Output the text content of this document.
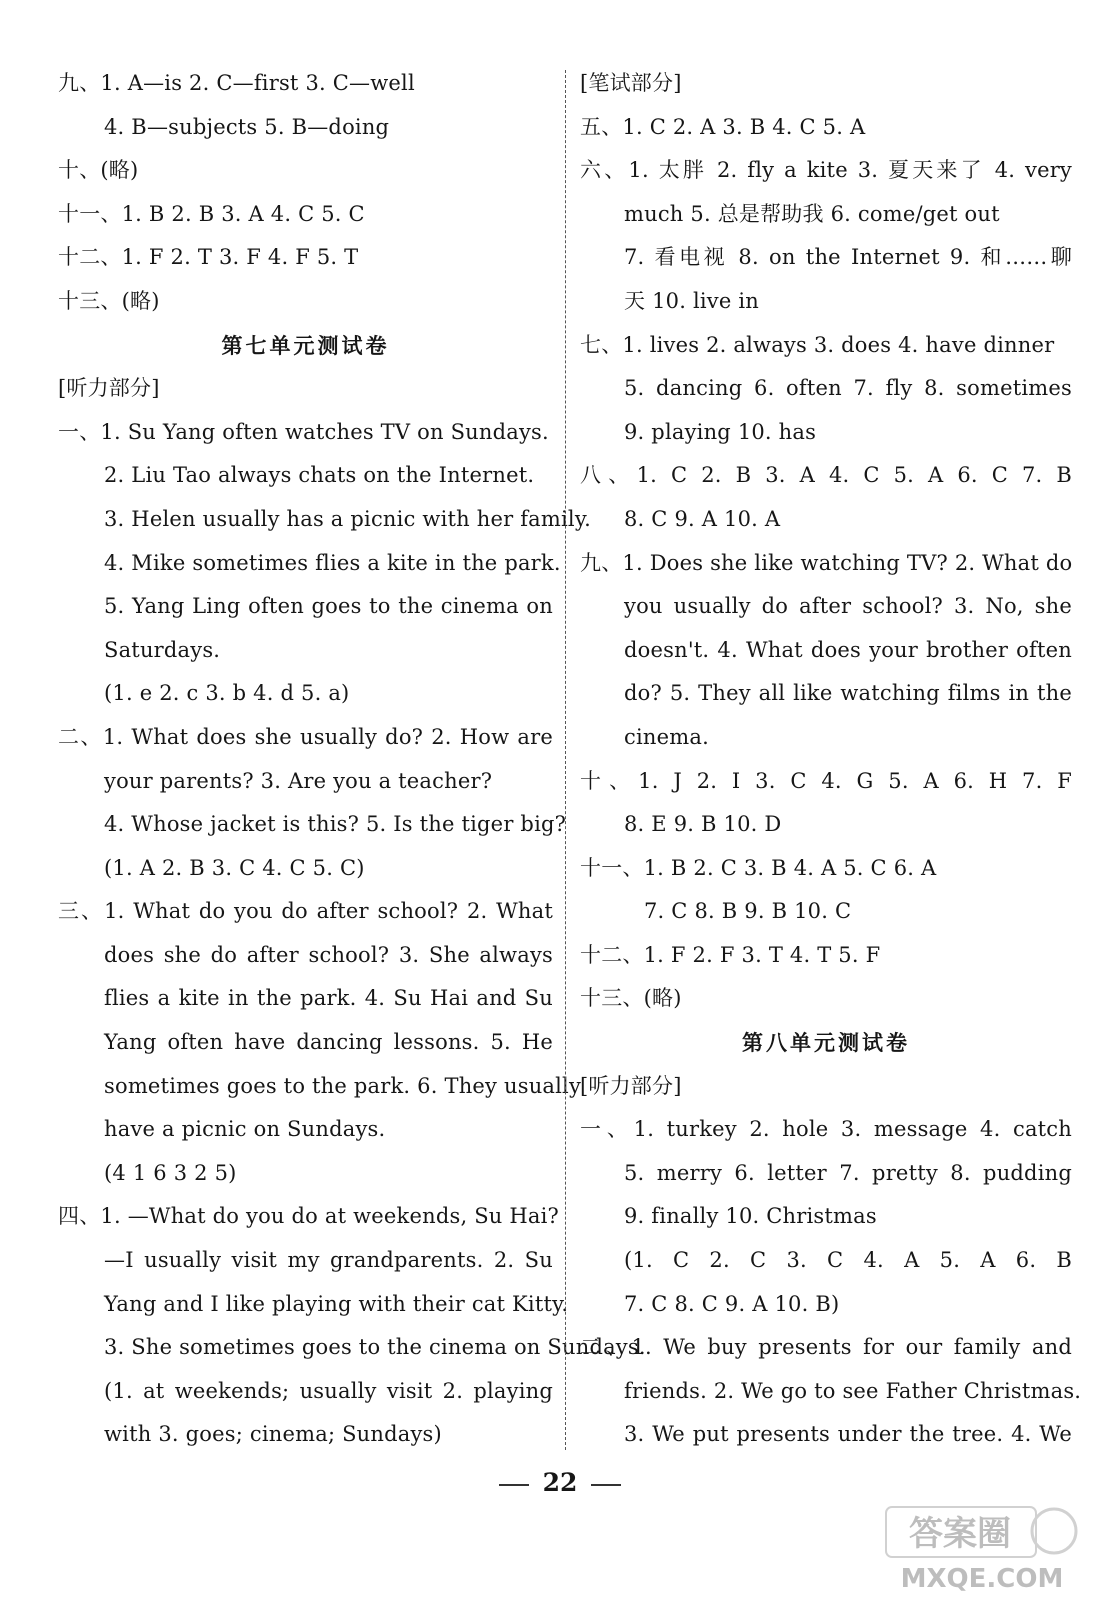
九、1. A—is 2. C—first 3. C—well
4. B—subjects 5. B—doing
十、(略)
十一、1. B 2. B 3. A 4. C 5. C
十二、1. F 2. T 3. F 4. F 5. T
十三、(略)
第七单元测试卷
[听力部分]
一、1. Su Yang often watches TV on Sundays.
2. Liu Tao always chats on the Internet.
3. Helen usually has a picnic with her family.
4. Mike sometimes flies a kite in the park.
5. Yang Ling often goes to the cinema on
Saturdays.
(1. e 2. c 3. b 4. d 5. a)
二、1. What does she usually do? 2. How are
your parents? 3. Are you a teacher?
4. Whose jacket is this? 5. Is the tiger big?
(1. A 2. B 3. C 4. C 5. C)
三、1. What do you do after school? 2. What
does she do after school? 3. She always
flies a kite in the park. 4. Su Hai and Su
Yang often have dancing lessons. 5. He
sometimes goes to the park. 6. They usually
have a picnic on Sundays.
(4 1 6 3 2 5)
四、1. —What do you do at weekends, Su Hai?
—I usually visit my grandparents. 2. Su
Yang and I like playing with their cat Kitty.
3. She sometimes goes to the cinema on Sundays.
(1. at weekends; usually visit 2. playing
with 3. goes; cinema; Sundays)
[笔试部分]
五、1. C 2. A 3. B 4. C 5. A
六、1. 太胖 2. fly a kite 3. 夏天来了 4. very
much 5. 总是帮助我 6. come/get out
7. 看电视 8. on the Internet 9. 和……聊
天 10. live in
七、1. lives 2. always 3. does 4. have dinner
5. dancing 6. often 7. fly 8. sometimes
9. playing 10. has
八、1. C 2. B 3. A 4. C 5. A 6. C 7. B
8. C 9. A 10. A
九、1. Does she like watching TV? 2. What do
you usually do after school? 3. No, she
doesn't. 4. What does your brother often
do? 5. They all like watching films in the
cinema.
十、1. J 2. I 3. C 4. G 5. A 6. H 7. F
8. E 9. B 10. D
十一、1. B 2. C 3. B 4. A 5. C 6. A
7. C 8. B 9. B 10. C
十二、1. F 2. F 3. T 4. T 5. F
十三、(略)
第八单元测试卷
[听力部分]
一、1. turkey 2. hole 3. message 4. catch
5. merry 6. letter 7. pretty 8. pudding
9. finally 10. Christmas
(1. C 2. C 3. C 4. A 5. A 6. B
7. C 8. C 9. A 10. B)
二、1. We buy presents for our family and
friends. 2. We go to see Father Christmas.
3. We put presents under the tree. 4. We
22
答案圈
MXQE.COM
